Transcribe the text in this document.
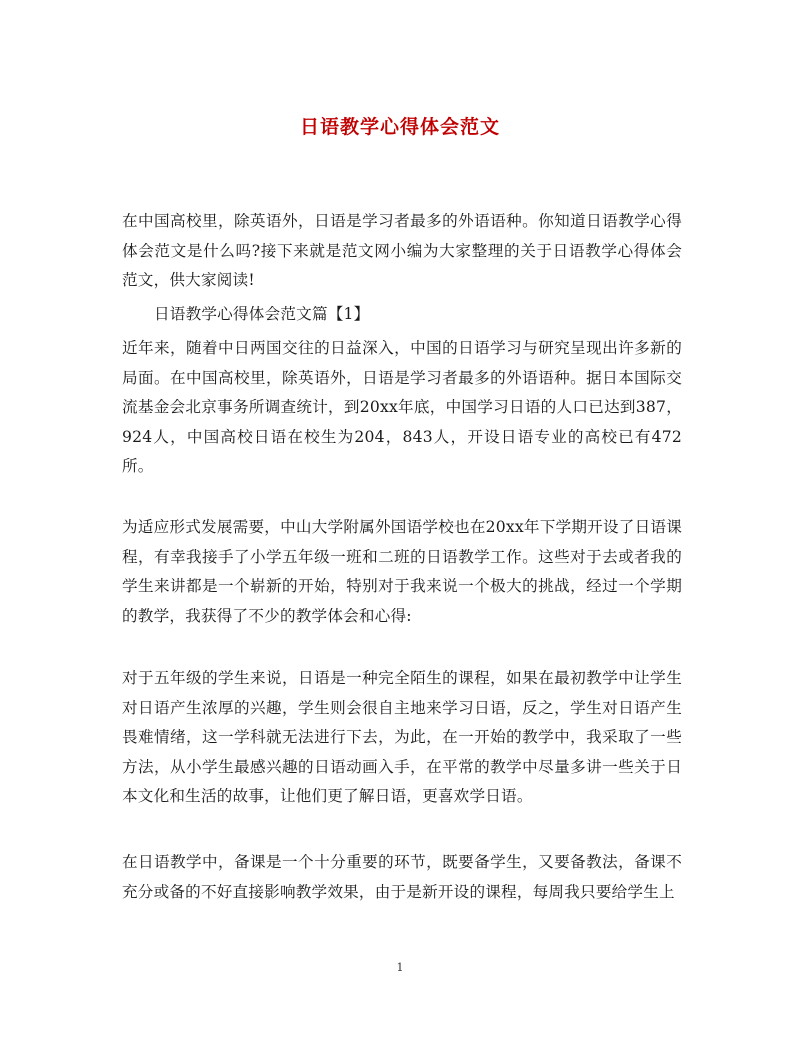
日语教学心得体会范文

在中国高校里，除英语外，日语是学习者最多的外语语种。你知道日语教学心得体会范文是什么吗?接下来就是范文网小编为大家整理的关于日语教学心得体会范文，供大家阅读!

日语教学心得体会范文篇【1】

近年来，随着中日两国交往的日益深入，中国的日语学习与研究呈现出许多新的局面。在中国高校里，除英语外，日语是学习者最多的外语语种。据日本国际交流基金会北京事务所调查统计，到20xx年底，中国学习日语的人口已达到387，924人，中国高校日语在校生为204，843人，开设日语专业的高校已有472所。

为适应形式发展需要，中山大学附属外国语学校也在20xx年下学期开设了日语课程，有幸我接手了小学五年级一班和二班的日语教学工作。这些对于去或者我的学生来讲都是一个崭新的开始，特别对于我来说一个极大的挑战，经过一个学期的教学，我获得了不少的教学体会和心得:

对于五年级的学生来说，日语是一种完全陌生的课程，如果在最初教学中让学生对日语产生浓厚的兴趣，学生则会很自主地来学习日语，反之，学生对日语产生畏难情绪，这一学科就无法进行下去，为此，在一开始的教学中，我采取了一些方法，从小学生最感兴趣的日语动画入手，在平常的教学中尽量多讲一些关于日本文化和生活的故事，让他们更了解日语，更喜欢学日语。

在日语教学中，备课是一个十分重要的环节，既要备学生，又要备教法，备课不充分或备的不好直接影响教学效果，由于是新开设的课程，每周我只要给学生上

1
